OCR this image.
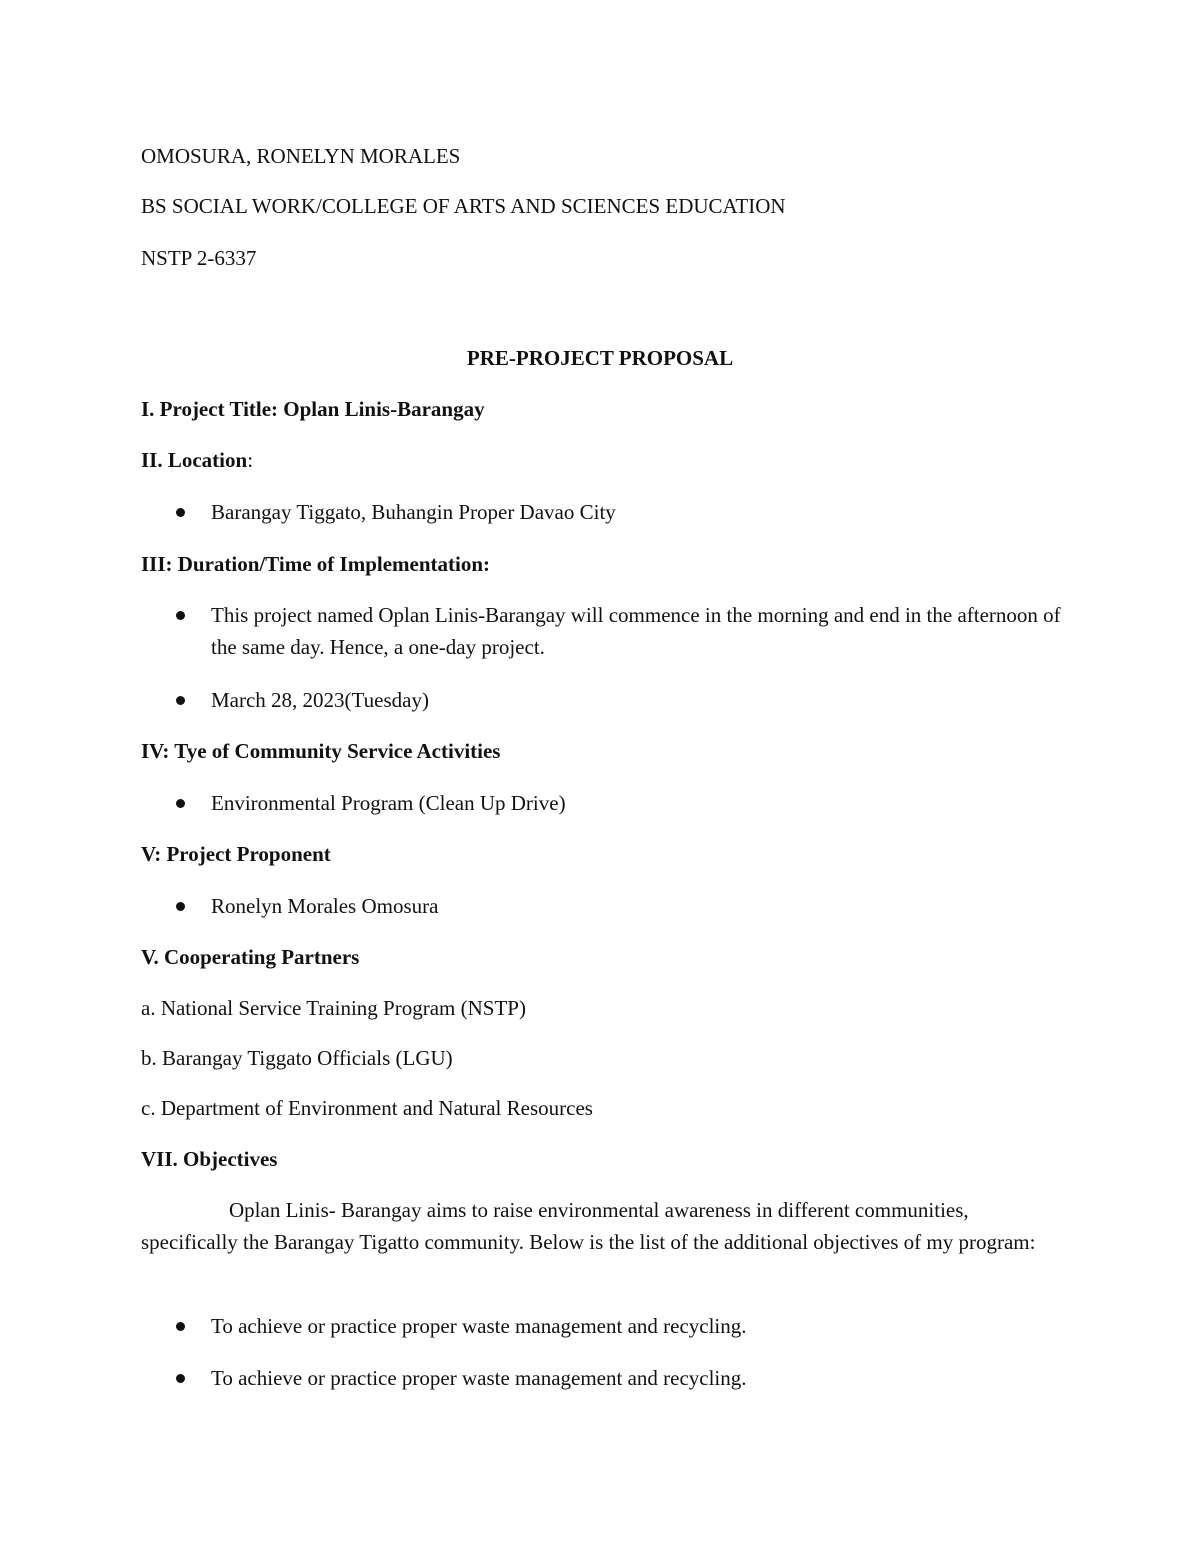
OMOSURA, RONELYN MORALES
BS SOCIAL WORK/COLLEGE OF ARTS AND SCIENCES EDUCATION
NSTP 2-6337
PRE-PROJECT PROPOSAL
I. Project Title: Oplan Linis-Barangay
II. Location:
Barangay Tiggato, Buhangin Proper Davao City
III: Duration/Time of Implementation:
This project named Oplan Linis-Barangay will commence in the morning and end in the afternoon of the same day. Hence, a one-day project.
March 28, 2023(Tuesday)
IV: Tye of Community Service Activities
Environmental Program (Clean Up Drive)
V: Project Proponent
Ronelyn Morales Omosura
V. Cooperating Partners
a. National Service Training Program (NSTP)
b. Barangay Tiggato Officials (LGU)
c. Department of Environment and Natural Resources
VII. Objectives
Oplan Linis- Barangay aims to raise environmental awareness in different communities, specifically the Barangay Tigatto community. Below is the list of the additional objectives of my program:
To achieve or practice proper waste management and recycling.
To achieve or practice proper waste management and recycling.
